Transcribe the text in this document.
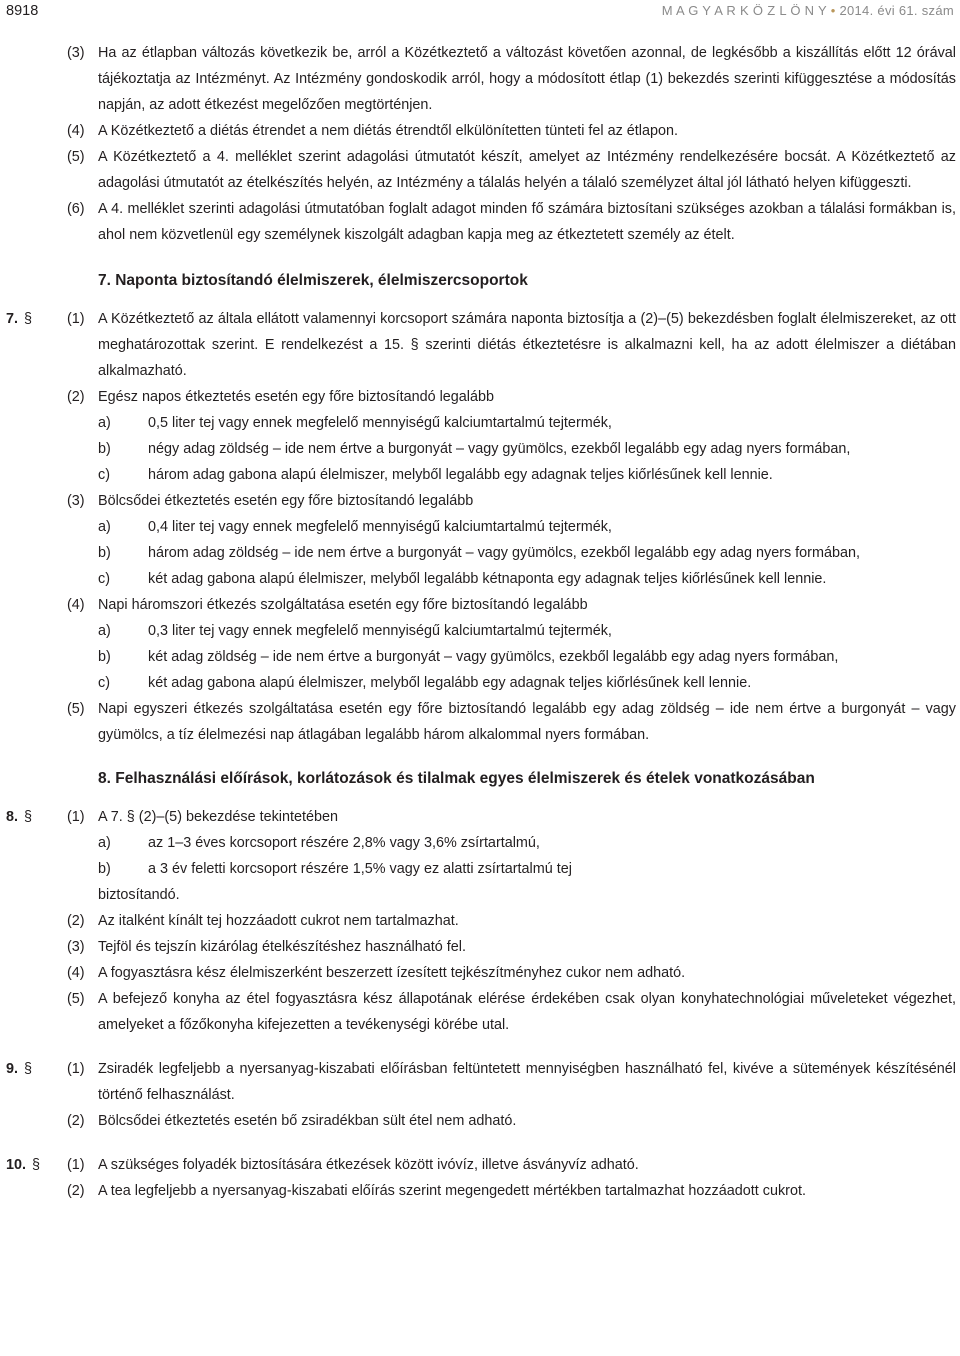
8918	M A G Y A R K Ö Z L Ö N Y • 2014. évi 61. szám
(3) Ha az étlapban változás következik be, arról a Közétkeztető a változást követően azonnal, de legkésőbb a kiszállítás előtt 12 órával tájékoztatja az Intézményt. Az Intézmény gondoskodik arról, hogy a módosított étlap (1) bekezdés szerinti kifüggesztése a módosítás napján, az adott étkezést megelőzően megtörténjen.
(4) A Közétkeztető a diétás étrendet a nem diétás étrendtől elkülönítetten tünteti fel az étlapon.
(5) A Közétkeztető a 4. melléklet szerint adagolási útmutatót készít, amelyet az Intézmény rendelkezésére bocsát. A Közétkeztető az adagolási útmutatót az ételkészítés helyén, az Intézmény a tálalás helyén a tálaló személyzet által jól látható helyen kifüggeszti.
(6) A 4. melléklet szerinti adagolási útmutatóban foglalt adagot minden fő számára biztosítani szükséges azokban a tálalási formákban is, ahol nem közvetlenül egy személynek kiszolgált adagban kapja meg az étkeztetett személy az ételt.
7. Naponta biztosítandó élelmiszerek, élelmiszercsoportok
7. § (1) A Közétkeztető az általa ellátott valamennyi korcsoport számára naponta biztosítja a (2)–(5) bekezdésben foglalt élelmiszereket, az ott meghatározottak szerint. E rendelkezést a 15. § szerinti diétás étkeztetésre is alkalmazni kell, ha az adott élelmiszer a diétában alkalmazható.
(2) Egész napos étkeztetés esetén egy főre biztosítandó legalább
a)	0,5 liter tej vagy ennek megfelelő mennyiségű kalciumtartalmú tejtermék,
b)	négy adag zöldség – ide nem értve a burgonyát – vagy gyümölcs, ezekből legalább egy adag nyers formában,
c)	három adag gabona alapú élelmiszer, melyből legalább egy adagnak teljes kiőrlésűnek kell lennie.
(3) Bölcsődei étkeztetés esetén egy főre biztosítandó legalább
a)	0,4 liter tej vagy ennek megfelelő mennyiségű kalciumtartalmú tejtermék,
b)	három adag zöldség – ide nem értve a burgonyát – vagy gyümölcs, ezekből legalább egy adag nyers formában,
c)	két adag gabona alapú élelmiszer, melyből legalább kétnaponta egy adagnak teljes kiőrlésűnek kell lennie.
(4) Napi háromszori étkezés szolgáltatása esetén egy főre biztosítandó legalább
a)	0,3 liter tej vagy ennek megfelelő mennyiségű kalciumtartalmú tejtermék,
b)	két adag zöldség – ide nem értve a burgonyát – vagy gyümölcs, ezekből legalább egy adag nyers formában,
c)	két adag gabona alapú élelmiszer, melyből legalább egy adagnak teljes kiőrlésűnek kell lennie.
(5) Napi egyszeri étkezés szolgáltatása esetén egy főre biztosítandó legalább egy adag zöldség – ide nem értve a burgonyát – vagy gyümölcs, a tíz élelmezési nap átlagában legalább három alkalommal nyers formában.
8. Felhasználási előírások, korlátozások és tilalmak egyes élelmiszerek és ételek vonatkozásában
8. § (1) A 7. § (2)–(5) bekezdése tekintetében
a)	az 1–3 éves korcsoport részére 2,8% vagy 3,6% zsírtartalmú,
b)	a 3 év feletti korcsoport részére 1,5% vagy ez alatti zsírtartalmú tej
biztosítandó.
(2) Az italként kínált tej hozzáadott cukrot nem tartalmazhat.
(3) Tejföl és tejszín kizárólag ételkészítéshez használható fel.
(4) A fogyasztásra kész élelmiszerként beszerzett ízesített tejkészítményhez cukor nem adható.
(5) A befejező konyha az étel fogyasztásra kész állapotának elérése érdekében csak olyan konyhatechnológiai műveleteket végezhet, amelyeket a főzőkonyha kifejezetten a tevékenységi körébe utal.
9. § (1) Zsiradék legfeljebb a nyersanyag-kiszabati előírásban feltüntetett mennyiségben használható fel, kivéve a sütemények készítésénél történő felhasználást.
(2) Bölcsődei étkeztetés esetén bő zsiradékban sült étel nem adható.
10. § (1) A szükséges folyadék biztosítására étkezések között ivóvíz, illetve ásványvíz adható.
(2) A tea legfeljebb a nyersanyag-kiszabati előírás szerint megengedett mértékben tartalmazhat hozzáadott cukrot.
